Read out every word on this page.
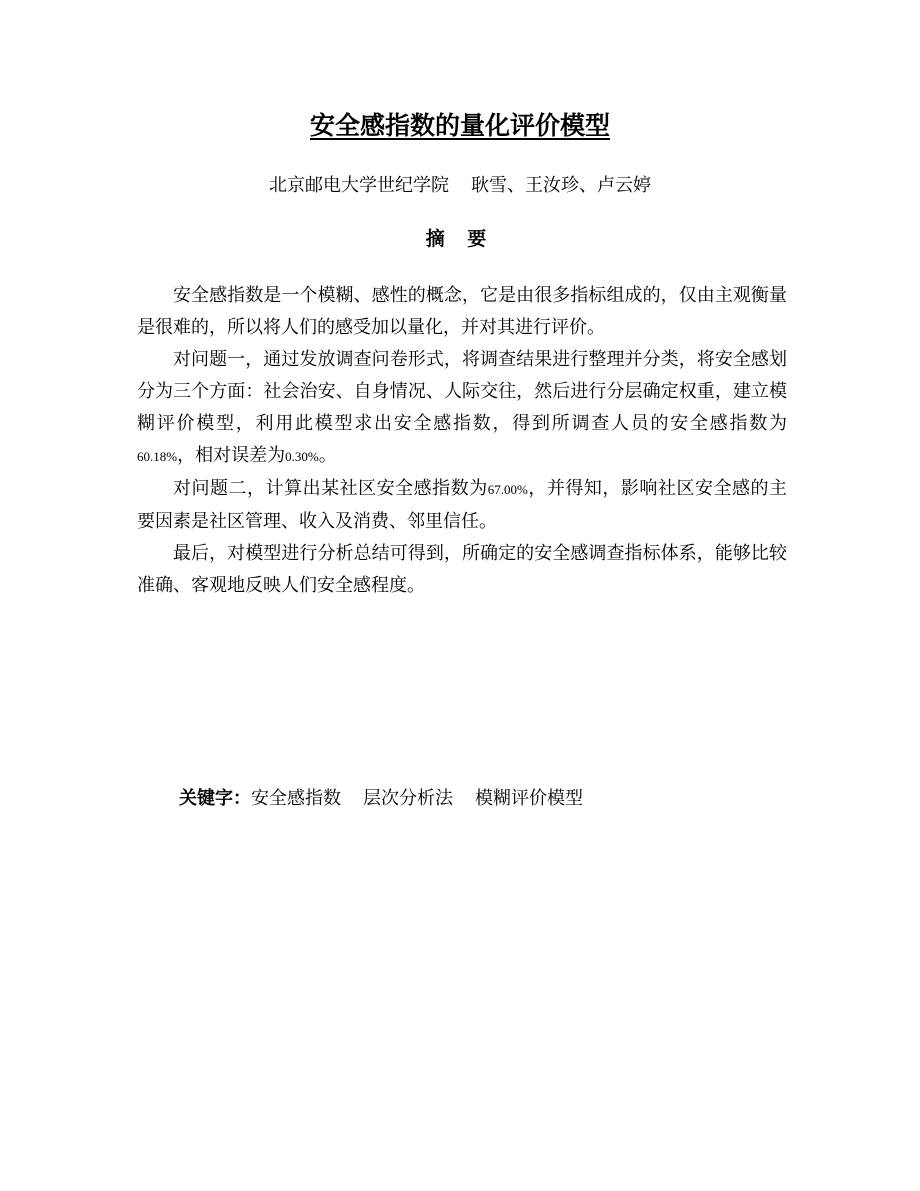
安全感指数的量化评价模型
北京邮电大学世纪学院 耿雪、王汝珍、卢云婷
摘 要

安全感指数是一个模糊、感性的概念，它是由很多指标组成的，仅由主观衡量是很难的，所以将人们的感受加以量化，并对其进行评价。

对问题一，通过发放调查问卷形式，将调查结果进行整理并分类，将安全感划分为三个方面：社会治安、自身情况、人际交往，然后进行分层确定权重，建立模糊评价模型，利用此模型求出安全感指数，得到所调查人员的安全感指数为60.18%，相对误差为0.30%。

对问题二，计算出某社区安全感指数为67.00%，并得知，影响社区安全感的主要因素是社区管理、收入及消费、邻里信任。

最后，对模型进行分析总结可得到，所确定的安全感调查指标体系，能够比较准确、客观地反映人们安全感程度。

关键字：安全感指数 层次分析法 模糊评价模型
